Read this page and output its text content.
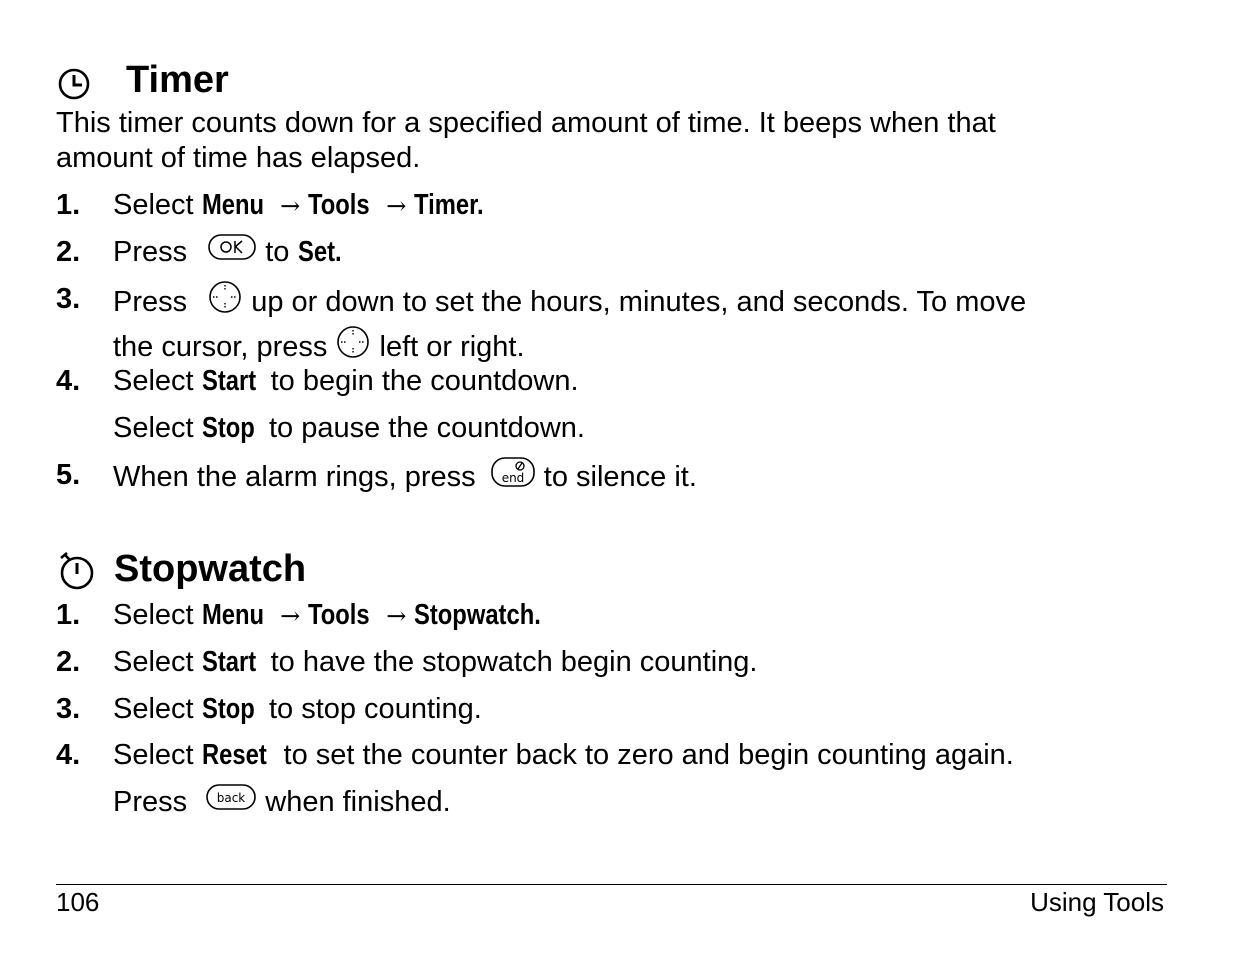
Timer

This timer counts down for a specified amount of time. It beeps when that

amount of time has elapsed.

1. Select Menu → Tools → Timer.
2. Press  to Set.
3. Press  up or down to set the hours, minutes, and seconds. To move
the cursor, press  left or right.
4. Select Start to begin the countdown.
Select Stop to pause the countdown.
5. When the alarm rings, press end to silence it.
Stopwatch
1. Select Menu → Tools → Stopwatch.
2. Select Start to have the stopwatch begin counting.
3. Select Stop to stop counting.
4. Select Reset to set the counter back to zero and begin counting again.
Press back when finished.
106	Using Tools
